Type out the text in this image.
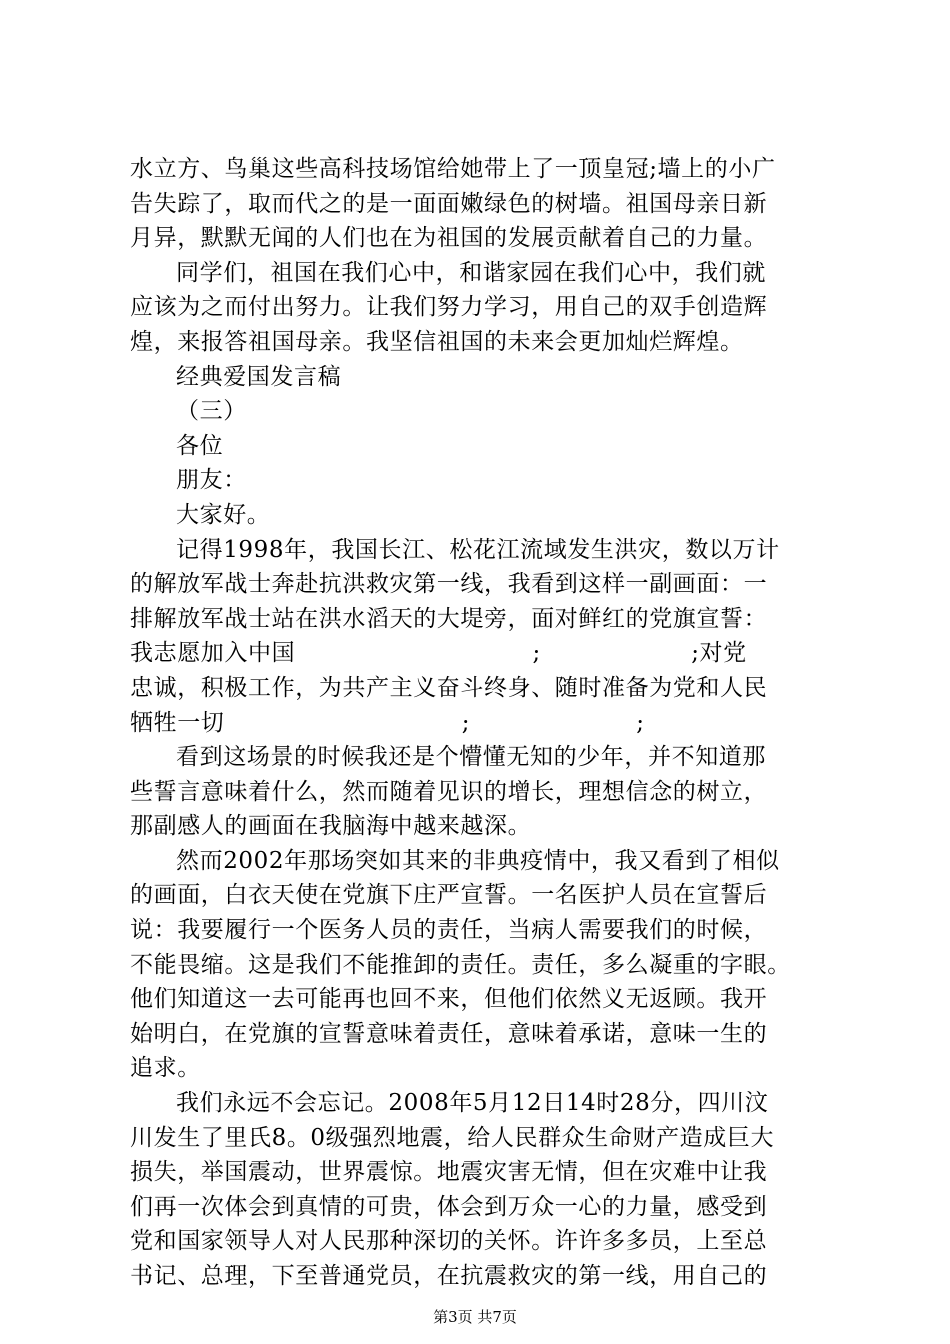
水立方、鸟巢这些高科技场馆给她带上了一顶皇冠;墙上的小广
告失踪了，取而代之的是一面面嫩绿色的树墙。祖国母亲日新
月异，默默无闻的人们也在为祖国的发展贡献着自己的力量。
同学们，祖国在我们心中，和谐家园在我们心中，我们就
应该为之而付出努力。让我们努力学习，用自己的双手创造辉
煌，来报答祖国母亲。我坚信祖国的未来会更加灿烂辉煌。
经典爱国发言稿
（三）
各位
朋友：
大家好。
记得1998年，我国长江、松花江流域发生洪灾，数以万计
的解放军战士奔赴抗洪救灾第一线，我看到这样一副画面：一
排解放军战士站在洪水滔天的大堤旁，面对鲜红的党旗宣誓：
我志愿加入中国                              ;                   ;对党
忠诚，积极工作，为共产主义奋斗终身、随时准备为党和人民
牺牲一切                              ;                     ;
看到这场景的时候我还是个懵懂无知的少年，并不知道那
些誓言意味着什么，然而随着见识的增长，理想信念的树立，
那副感人的画面在我脑海中越来越深。
然而2002年那场突如其来的非典疫情中，我又看到了相似
的画面，白衣天使在党旗下庄严宣誓。一名医护人员在宣誓后
说：我要履行一个医务人员的责任，当病人需要我们的时候，
不能畏缩。这是我们不能推卸的责任。责任，多么凝重的字眼。
他们知道这一去可能再也回不来，但他们依然义无返顾。我开
始明白，在党旗的宣誓意味着责任，意味着承诺，意味一生的
追求。
我们永远不会忘记。2008年5月12日14时28分，四川汶
川发生了里氏8。0级强烈地震，给人民群众生命财产造成巨大
损失，举国震动，世界震惊。地震灾害无情，但在灾难中让我
们再一次体会到真情的可贵，体会到万众一心的力量，感受到
党和国家领导人对人民那种深切的关怀。许许多多员，上至总
书记、总理，下至普通党员，在抗震救灾的第一线，用自己的
第3页 共7页
